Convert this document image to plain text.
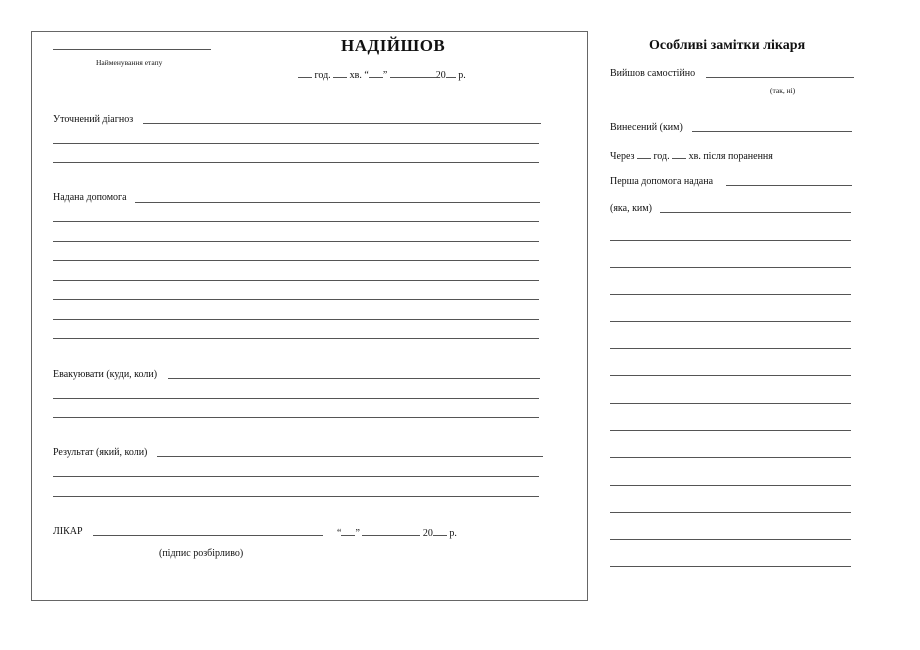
Найменування етапу
НАДІЙШОВ
год. хв. “ ”	20 р.
Уточнений діагноз
Надана допомога
Евакуювати (куди, коли)
Результат (який, коли)
ЛІКАР	“ ”	20 р.
(підпис розбірливо)
Особливі замітки лікаря
Вийшов самостійно
(так, ні)
Винесений (ким)
Через год. хв. після поранення
Перша допомога надана
(яка, ким)
